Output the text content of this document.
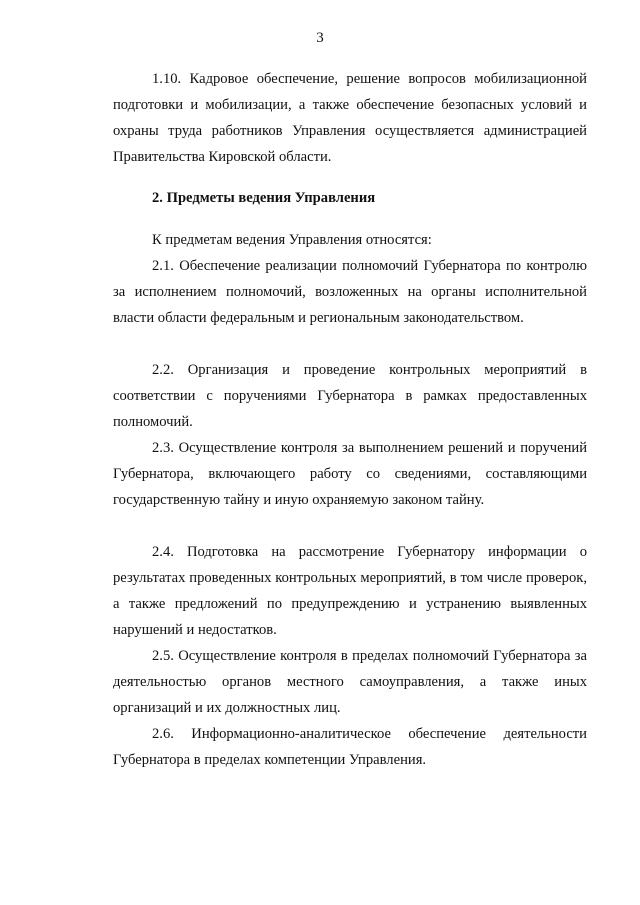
3

1.10. Кадровое обеспечение, решение вопросов мобилизационной подготовки и мобилизации, а также обеспечение безопасных условий и охраны труда работников Управления осуществляется администрацией Правительства Кировской области.

2. Предметы ведения Управления

К предметам ведения Управления относятся:

2.1. Обеспечение реализации полномочий Губернатора по контролю за исполнением полномочий, возложенных на органы исполнительной власти области федеральным и региональным законодательством.

2.2. Организация и проведение контрольных мероприятий в соответствии с поручениями Губернатора в рамках предоставленных полномочий.

2.3. Осуществление контроля за выполнением решений и поручений Губернатора, включающего работу со сведениями, составляющими государственную тайну и иную охраняемую законом тайну.

2.4. Подготовка на рассмотрение Губернатору информации о результатах проведенных контрольных мероприятий, в том числе проверок, а также предложений по предупреждению и устранению выявленных нарушений и недостатков.

2.5. Осуществление контроля в пределах полномочий Губернатора за деятельностью органов местного самоуправления, а также иных организаций и их должностных лиц.

2.6. Информационно-аналитическое обеспечение деятельности Губернатора в пределах компетенции Управления.
